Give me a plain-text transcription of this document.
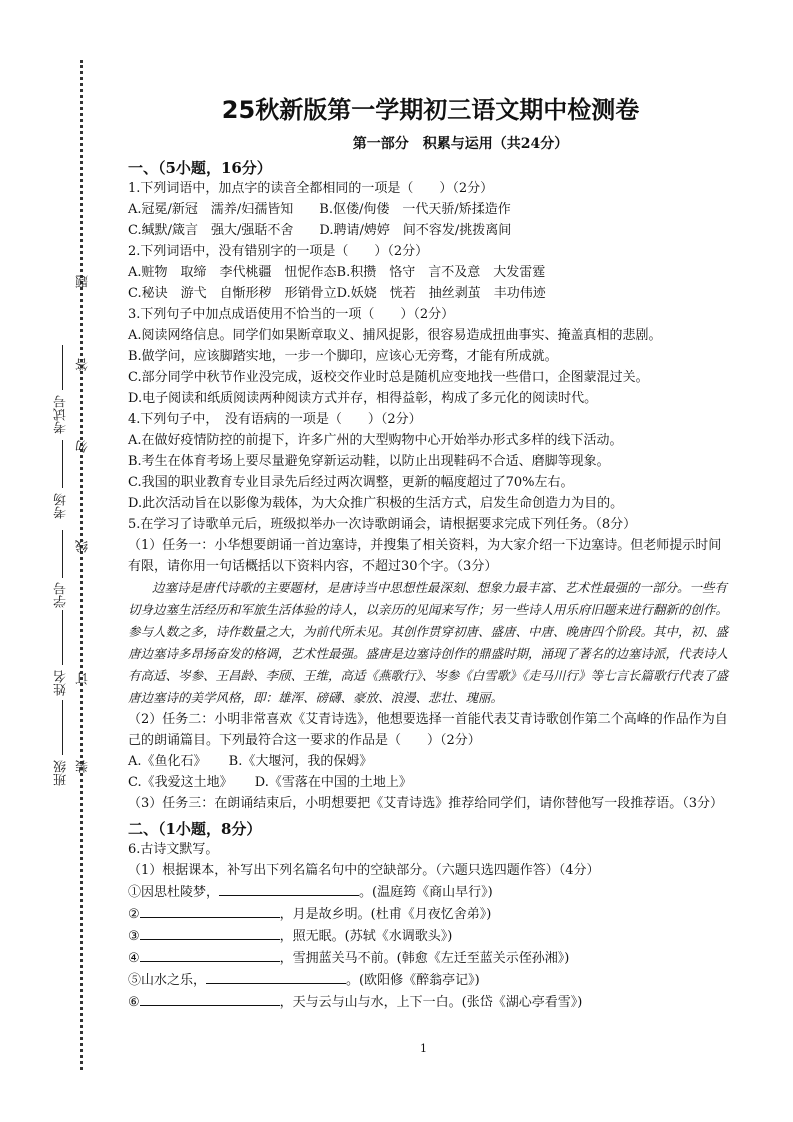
班级
姓名
学号
考场
考试号
装
订
线
勿
答
题
25秋新版第一学期初三语文期中检测卷
第一部分　积累与运用（共24分）
一、（5小题，16分）
1.下列词语中，加点字的读音全都相同的一项是（　　）（2分）
A.冠冕/新冠　濡养/妇孺皆知　　B.伛偻/佝偻　一代天骄/矫揉造作
C.缄默/箴言　强大/强聒不舍　　D.聘请/娉婷　间不容发/挑拨离间
2.下列词语中，没有错别字的一项是（　　）（2分）
A.赃物　取缔　李代桃疆　忸怩作态B.积攒　恪守　言不及意　大发雷霆
C.秘诀　游弋　自惭形秽　形销骨立D.妖娆　恍若　抽丝剥茧　丰功伟迹
3.下列句子中加点成语使用不恰当的一项（　　）（2分）
A.阅读网络信息。同学们如果断章取义、捕风捉影，很容易造成扭曲事实、掩盖真相的悲剧。
B.做学问，应该脚踏实地，一步一个脚印，应该心无旁骛，才能有所成就。
C.部分同学中秋节作业没完成，返校交作业时总是随机应变地找一些借口，企图蒙混过关。
D.电子阅读和纸质阅读两种阅读方式并存，相得益彰，构成了多元化的阅读时代。
4.下列句子中，　没有语病的一项是（　　）（2分）
A.在做好疫情防控的前提下，许多广州的大型购物中心开始举办形式多样的线下活动。
B.考生在体育考场上要尽量避免穿新运动鞋，以防止出现鞋码不合适、磨脚等现象。
C.我国的职业教育专业目录先后经过两次调整，更新的幅度超过了70%左右。
D.此次活动旨在以影像为载体，为大众推广积极的生活方式，启发生命创造力为目的。
5.在学习了诗歌单元后，班级拟举办一次诗歌朗诵会，请根据要求完成下列任务。（8分）
（1）任务一：小华想要朗诵一首边塞诗，并搜集了相关资料，为大家介绍一下边塞诗。但老师提示时间有限，请你用一句话概括以下资料内容，不超过30个字。（3分）
边塞诗是唐代诗歌的主要题材，是唐诗当中思想性最深刻、想象力最丰富、艺术性最强的一部分。一些有切身边塞生活经历和军旅生活体验的诗人，以亲历的见闻来写作；另一些诗人用乐府旧题来进行翻新的创作。参与人数之多，诗作数量之大，为前代所未见。其创作贯穿初唐、盛唐、中唐、晚唐四个阶段。其中，初、盛唐边塞诗多昂扬奋发的格调，艺术性最强。盛唐是边塞诗创作的鼎盛时期，涌现了著名的边塞诗派，代表诗人有高适、岑参、王昌龄、李颀、王维，高适《燕歌行》、岑参《白雪歌》《走马川行》等七言长篇歌行代表了盛唐边塞诗的美学风格，即：雄浑、磅礴、豪放、浪漫、悲壮、瑰丽。
（2）任务二：小明非常喜欢《艾青诗选》，他想要选择一首能代表艾青诗歌创作第二个高峰的作品作为自己的朗诵篇目。下列最符合这一要求的作品是（　　）（2分）
A.《鱼化石》 B.《大堰河，我的保姆》
C.《我爱这土地》 D.《雪落在中国的土地上》
（3）任务三：在朗诵结束后，小明想要把《艾青诗选》推荐给同学们，请你替他写一段推荐语。（3分）
二、（1小题，8分）
6.古诗文默写。
（1）根据课本，补写出下列名篇名句中的空缺部分。（六题只选四题作答）（4分）
①因思杜陵梦，	。(温庭筠《商山早行》)
②	，月是故乡明。(杜甫《月夜忆舍弟》)
③	，照无眠。(苏轼《水调歌头》)
④	，雪拥蓝关马不前。(韩愈《左迁至蓝关示侄孙湘》)
⑤山水之乐，	。(欧阳修《醉翁亭记》)
⑥	，天与云与山与水，上下一白。(张岱《湖心亭看雪》)
1
